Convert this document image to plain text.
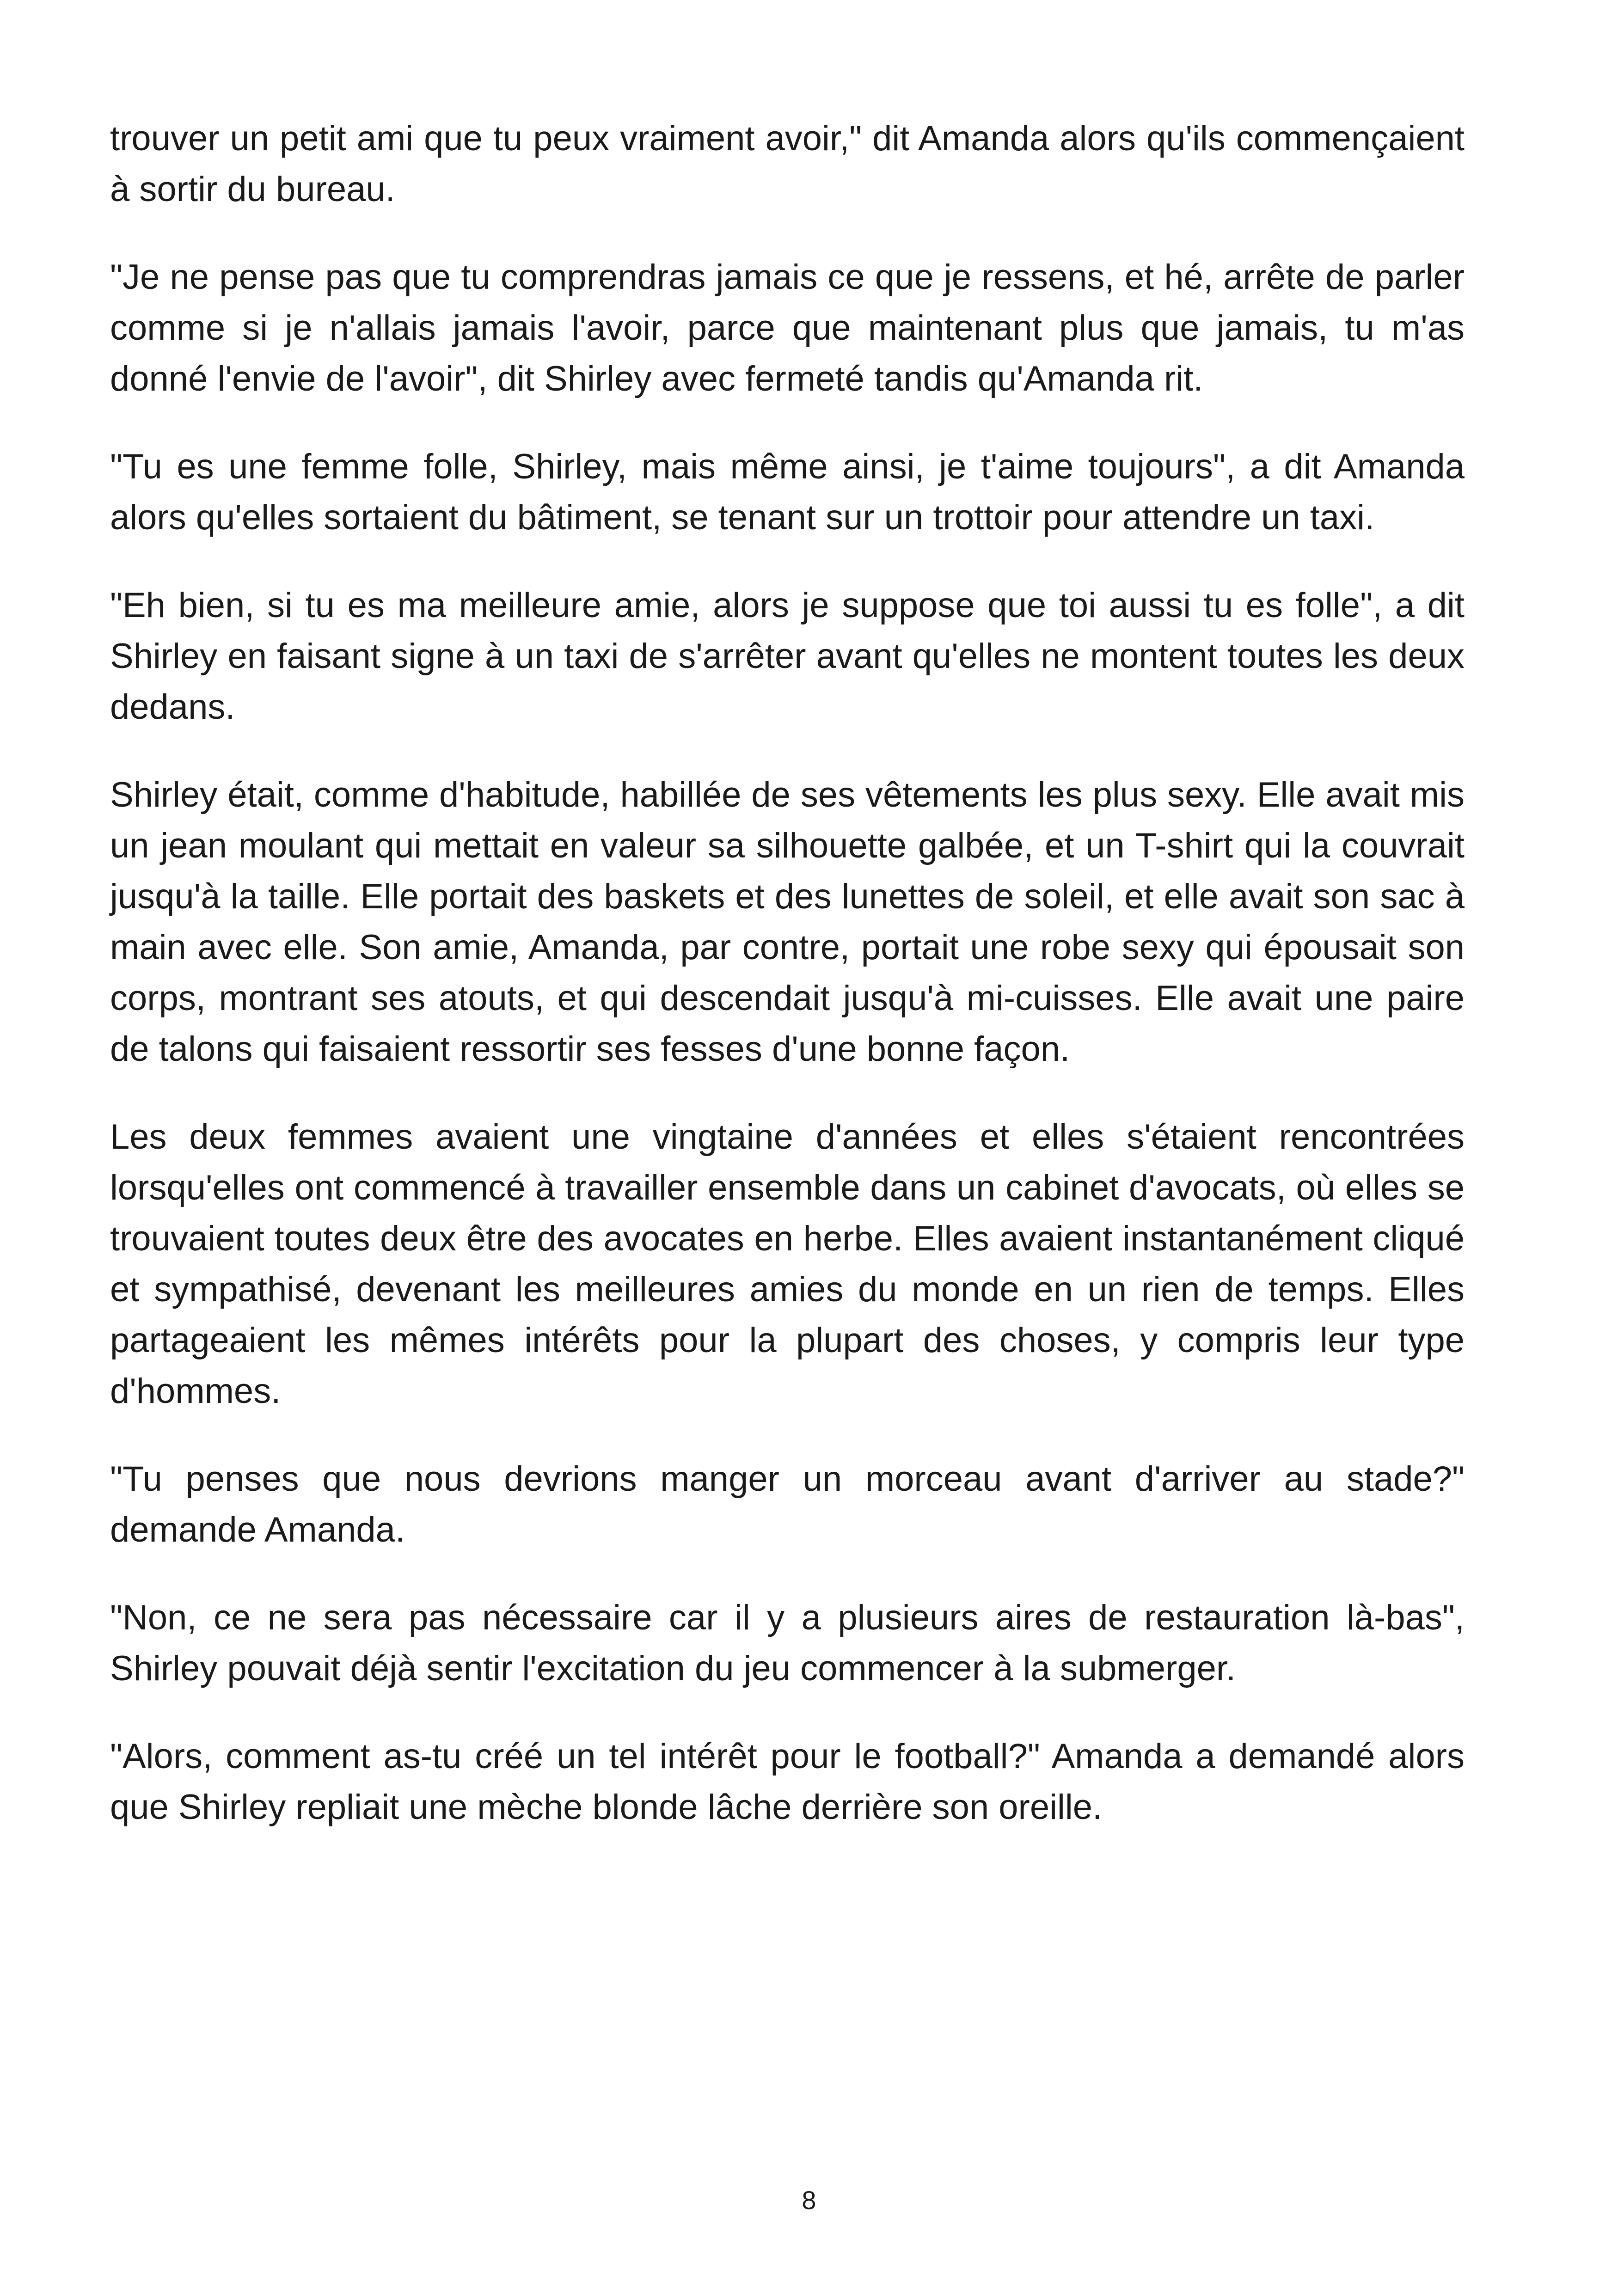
trouver un petit ami que tu peux vraiment avoir," dit Amanda alors qu'ils commençaient à sortir du bureau.

"Je ne pense pas que tu comprendras jamais ce que je ressens, et hé, arrête de parler comme si je n'allais jamais l'avoir, parce que maintenant plus que jamais, tu m'as donné l'envie de l'avoir", dit Shirley avec fermeté tandis qu'Amanda rit.

"Tu es une femme folle, Shirley, mais même ainsi, je t'aime toujours", a dit Amanda alors qu'elles sortaient du bâtiment, se tenant sur un trottoir pour attendre un taxi.

"Eh bien, si tu es ma meilleure amie, alors je suppose que toi aussi tu es folle", a dit Shirley en faisant signe à un taxi de s'arrêter avant qu'elles ne montent toutes les deux dedans.

Shirley était, comme d'habitude, habillée de ses vêtements les plus sexy. Elle avait mis un jean moulant qui mettait en valeur sa silhouette galbée, et un T-shirt qui la couvrait jusqu'à la taille. Elle portait des baskets et des lunettes de soleil, et elle avait son sac à main avec elle. Son amie, Amanda, par contre, portait une robe sexy qui épousait son corps, montrant ses atouts, et qui descendait jusqu'à mi-cuisses. Elle avait une paire de talons qui faisaient ressortir ses fesses d'une bonne façon.

Les deux femmes avaient une vingtaine d'années et elles s'étaient rencontrées lorsqu'elles ont commencé à travailler ensemble dans un cabinet d'avocats, où elles se trouvaient toutes deux être des avocates en herbe. Elles avaient instantanément cliqué et sympathisé, devenant les meilleures amies du monde en un rien de temps. Elles partageaient les mêmes intérêts pour la plupart des choses, y compris leur type d'hommes.

"Tu penses que nous devrions manger un morceau avant d'arriver au stade?" demande Amanda.

"Non, ce ne sera pas nécessaire car il y a plusieurs aires de restauration là-bas", Shirley pouvait déjà sentir l'excitation du jeu commencer à la submerger.

"Alors, comment as-tu créé un tel intérêt pour le football?" Amanda a demandé alors que Shirley repliait une mèche blonde lâche derrière son oreille.

8
